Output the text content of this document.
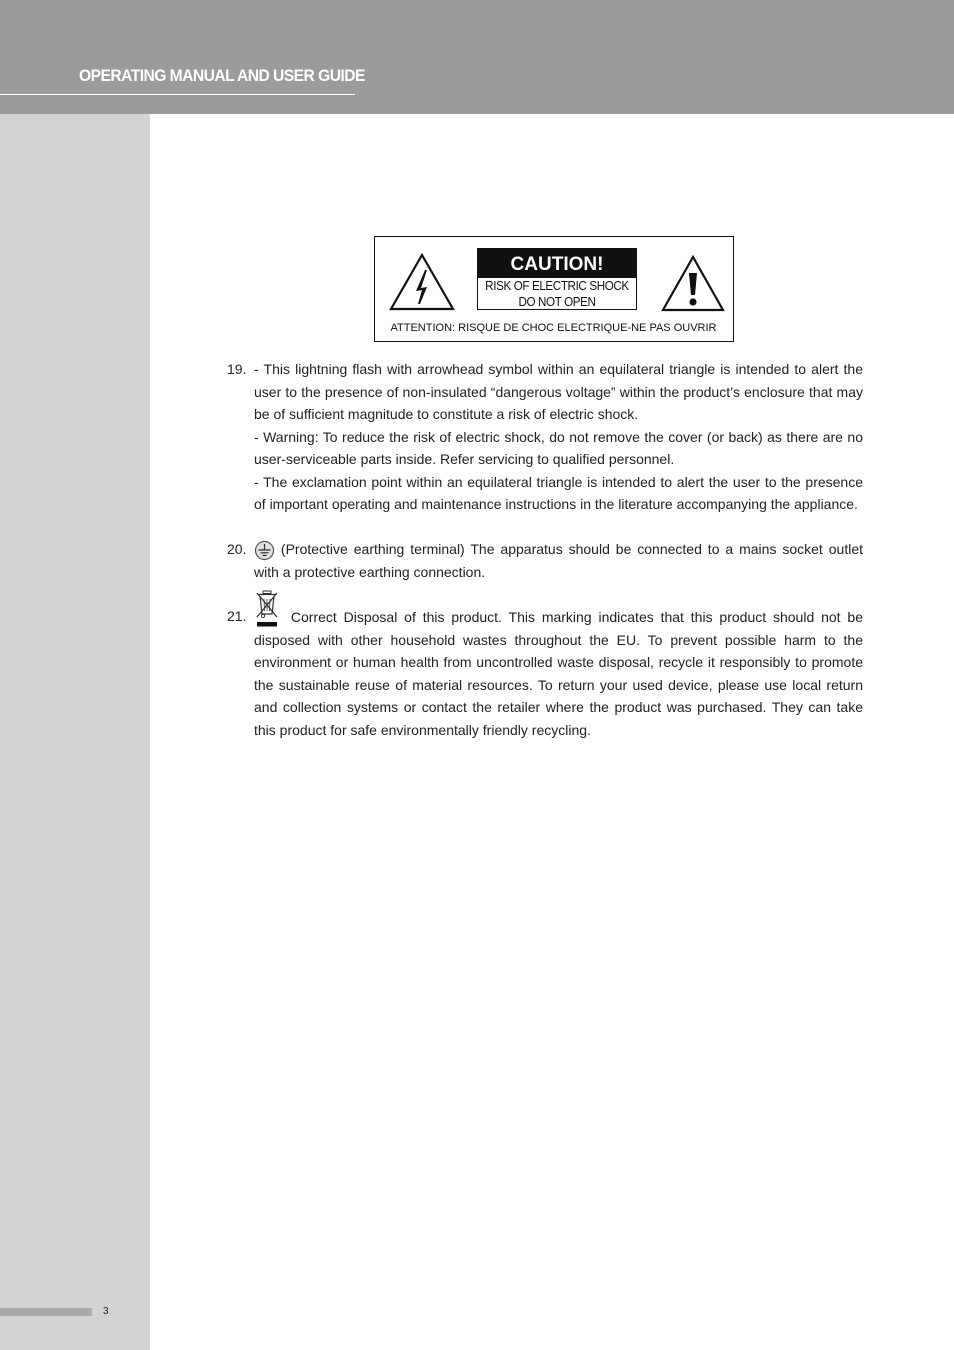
OPERATING MANUAL AND USER GUIDE
CAUTION!
RISK OF ELECTRIC SHOCK
DO NOT OPEN
ATTENTION: RISQUE DE CHOC ELECTRIQUE-NE PAS OUVRIR
19. - This lightning flash with arrowhead symbol within an equilateral triangle is intended to alert the user to the presence of non-insulated “dangerous voltage” within the product’s enclosure that may be of sufficient magnitude to constitute a risk of electric shock.

- Warning: To reduce the risk of electric shock, do not remove the cover (or back) as there are no user-serviceable parts inside. Refer servicing to qualified personnel.

- The exclamation point within an equilateral triangle is intended to alert the user to the presence of important operating and maintenance instructions in the literature accompanying the appliance.

20.	(Protective earthing terminal) The apparatus should be connected to a mains socket outlet with a protective earthing connection.

21.	Correct Disposal of this product. This marking indicates that this product should not be disposed with other household wastes throughout the EU. To prevent possible harm to the environment or human health from uncontrolled waste disposal, recycle it responsibly to promote the sustainable reuse of material resources. To return your used device, please use local return and collection systems or contact the retailer where the product was purchased. They can take this product for safe environmentally friendly recycling.

3
